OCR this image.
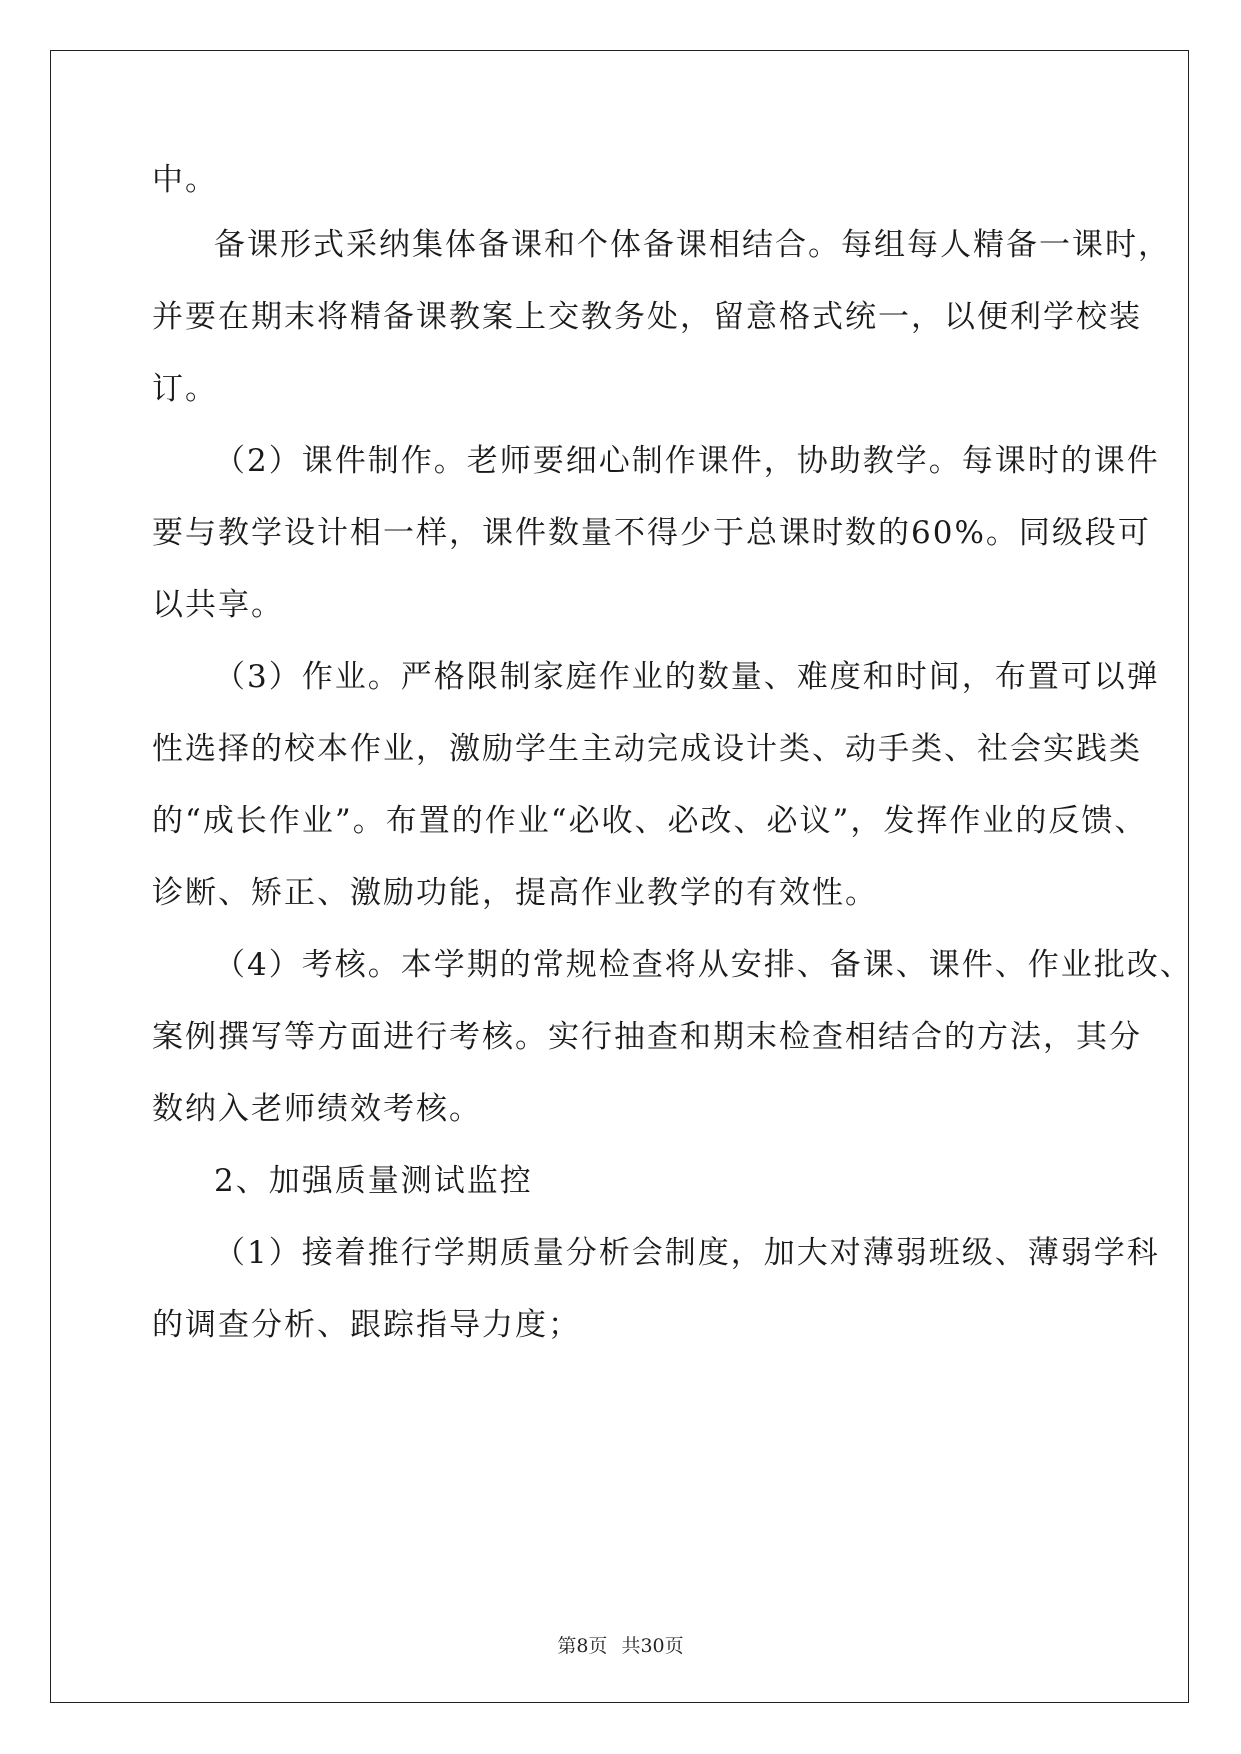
中。
备课形式采纳集体备课和个体备课相结合。每组每人精备一课时，
并要在期末将精备课教案上交教务处，留意格式统一，以便利学校装
订。
（2）课件制作。老师要细心制作课件，协助教学。每课时的课件
要与教学设计相一样，课件数量不得少于总课时数的60%。同级段可
以共享。
（3）作业。严格限制家庭作业的数量、难度和时间，布置可以弹
性选择的校本作业，激励学生主动完成设计类、动手类、社会实践类
的“成长作业”。布置的作业“必收、必改、必议”，发挥作业的反馈、
诊断、矫正、激励功能，提高作业教学的有效性。
（4）考核。本学期的常规检查将从安排、备课、课件、作业批改、
案例撰写等方面进行考核。实行抽查和期末检查相结合的方法，其分
数纳入老师绩效考核。
2、加强质量测试监控
（1）接着推行学期质量分析会制度，加大对薄弱班级、薄弱学科
的调查分析、跟踪指导力度；
第8页 共30页
